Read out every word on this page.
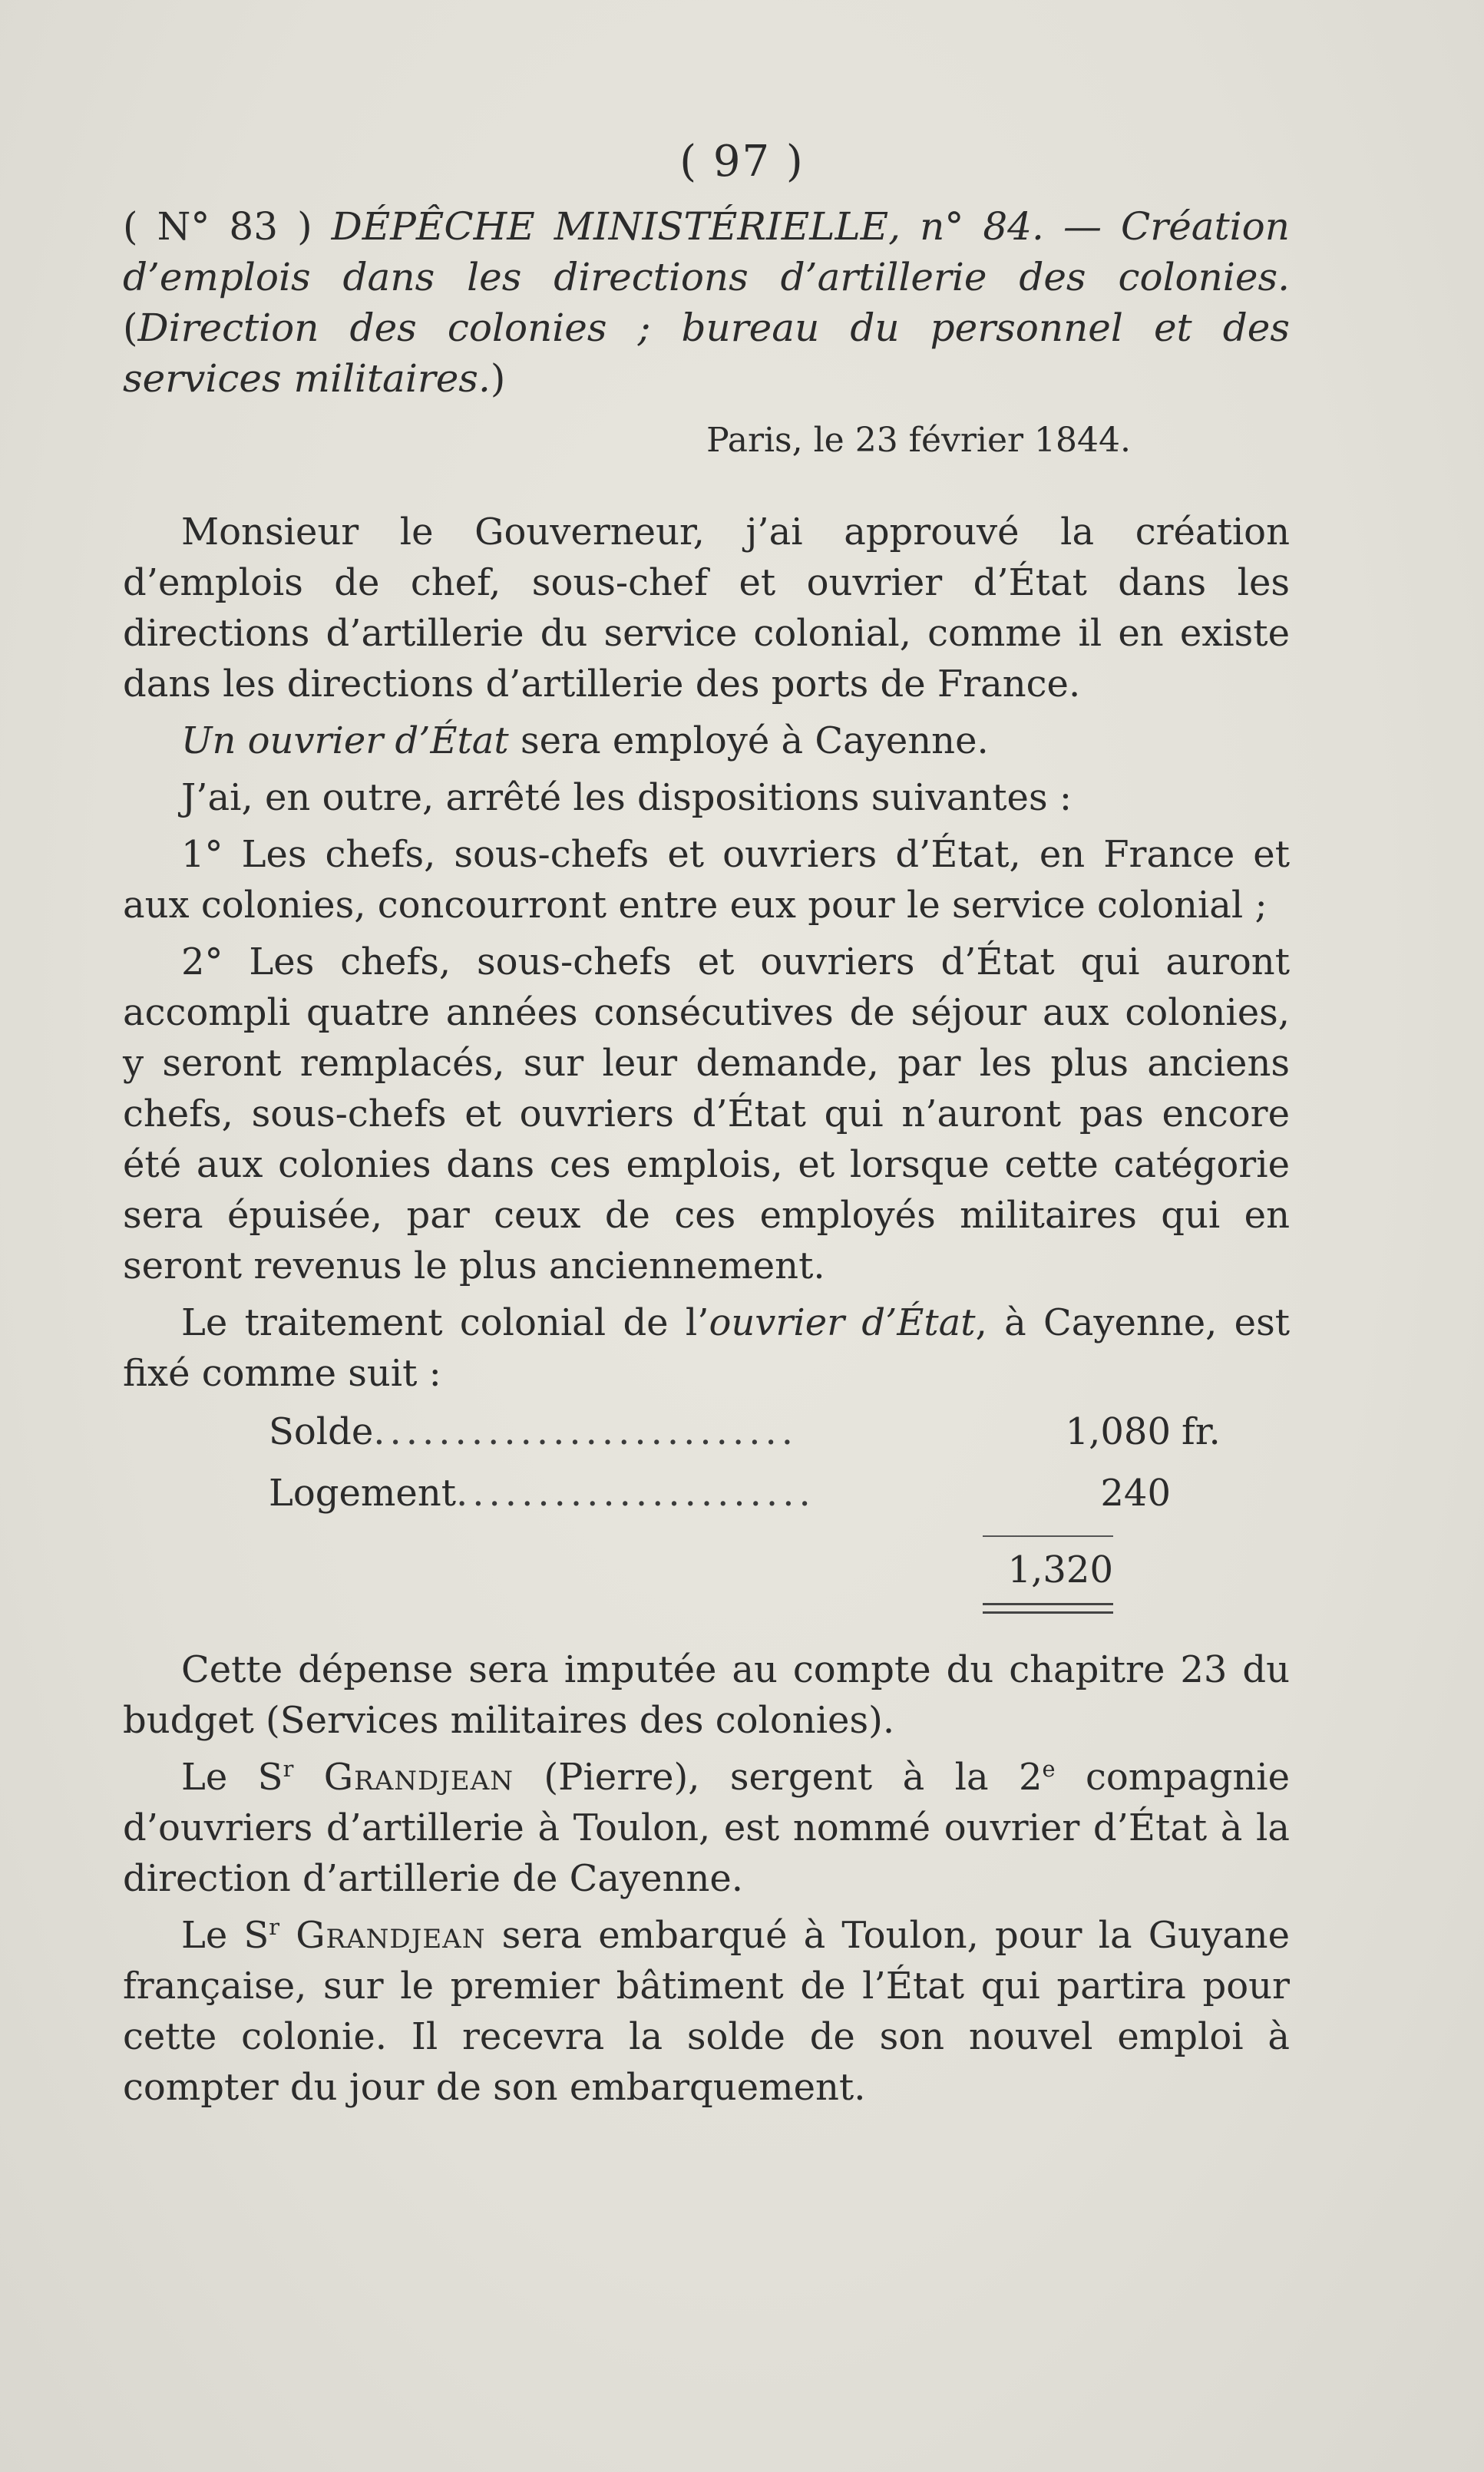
( 97 )
( N° 83 ) DÉPÊCHE MINISTÉRIELLE, n° 84. — Création d’emplois dans les directions d’artillerie des colonies. (Direction des colonies ; bureau du personnel et des services militaires.)
Paris, le 23 février 1844.

Monsieur le Gouverneur, j’ai approuvé la création d’emplois de chef, sous-chef et ouvrier d’État dans les directions d’artillerie du service colonial, comme il en existe dans les directions d’artillerie des ports de France.

Un ouvrier d’État sera employé à Cayenne.

J’ai, en outre, arrêté les dispositions suivantes :

1° Les chefs, sous-chefs et ouvriers d’État, en France et aux colonies, concourront entre eux pour le service colonial ;

2° Les chefs, sous-chefs et ouvriers d’État qui auront accompli quatre années consécutives de séjour aux colonies, y seront remplacés, sur leur demande, par les plus anciens chefs, sous-chefs et ouvriers d’État qui n’auront pas encore été aux colonies dans ces emplois, et lorsque cette catégorie sera épuisée, par ceux de ces employés militaires qui en seront revenus le plus anciennement.

Le traitement colonial de l’ouvrier d’État, à Cayenne, est fixé comme suit :

Solde..........................	1,080 fr.
Logement......................	240
1,320

Cette dépense sera imputée au compte du chapitre 23 du budget (Services militaires des colonies).

Le $S^r$ Grandjean (Pierre), sergent à la 2e compagnie d’ouvriers d’artillerie à Toulon, est nommé ouvrier d’État à la direction d’artillerie de Cayenne.

Le $S^r$ Grandjean sera embarqué à Toulon, pour la Guyane française, sur le premier bâtiment de l’État qui partira pour cette colonie. Il recevra la solde de son nouvel emploi à compter du jour de son embarquement.
